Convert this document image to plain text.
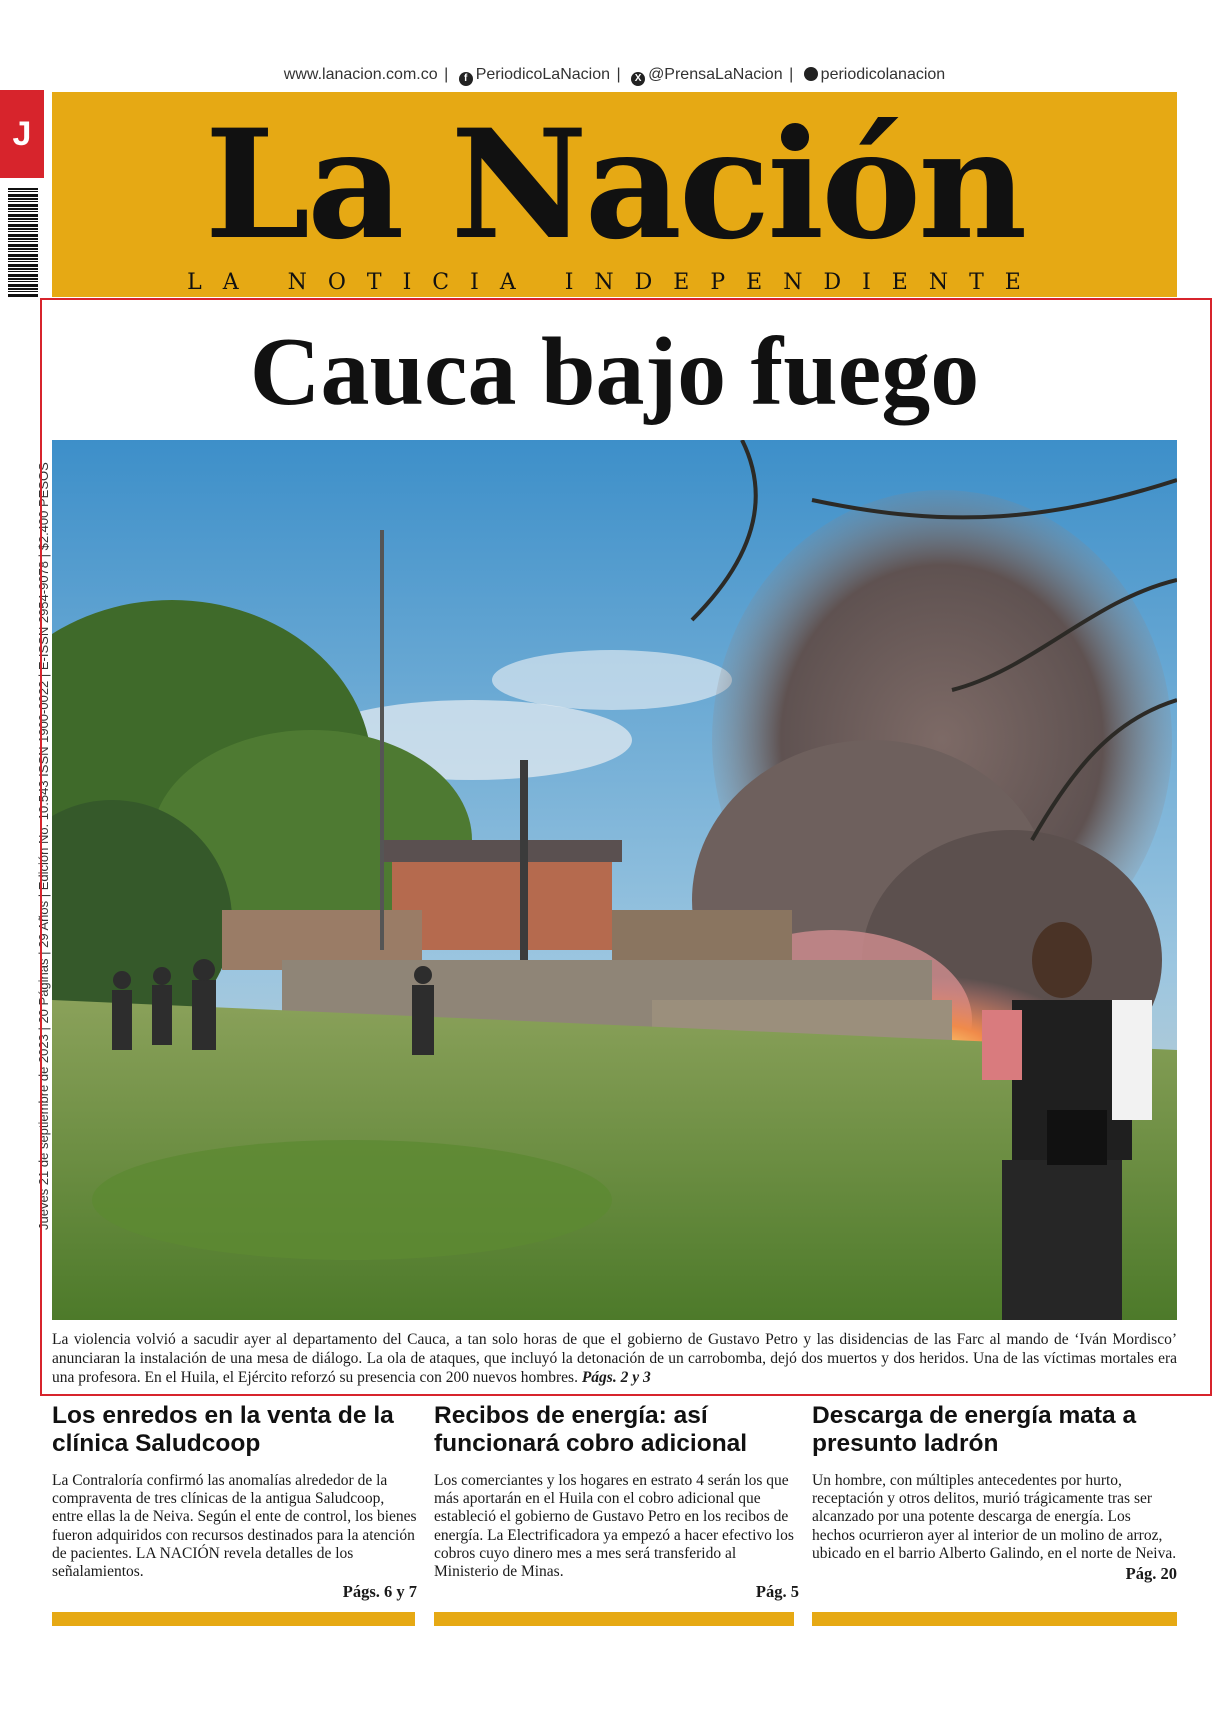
www.lanacion.com.co | f PeriodicoLaNacion | X @PrensaLaNacion | periodicolanacion
J
Jueves 21 de septiembre de 2023 | 20 Páginas | 29 Años | Edición No. 10.543 ISSN 1900-0022 | E-ISSN 2954-9078 | $2.400 PESOS
La Nación
LA NOTICIA INDEPENDIENTE
Cauca bajo fuego
La violencia volvió a sacudir ayer al departamento del Cauca, a tan solo horas de que el gobierno de Gustavo Petro y las disidencias de las Farc al mando de ‘Iván Mordisco’ anunciaran la instalación de una mesa de diálogo. La ola de ataques, que incluyó la detonación de un carrobomba, dejó dos muertos y dos heridos. Una de las víctimas mortales era una profesora. En el Huila, el Ejército reforzó su presencia con 200 nuevos hombres. Págs. 2 y 3
Los enredos en la venta de la clínica Saludcoop

La Contraloría confirmó las anomalías alrededor de la compraventa de tres clínicas de la antigua Saludcoop, entre ellas la de Neiva. Según el ente de control, los bienes fueron adquiridos con recursos destinados para la atención de pacientes. LA NACIÓN revela detalles de los señalamientos.

Págs. 6 y 7
Recibos de energía: así funcionará cobro adicional

Los comerciantes y los hogares en estrato 4 serán los que más aportarán en el Huila con el cobro adicional que estableció el gobierno de Gustavo Petro en los recibos de energía. La Electrificadora ya empezó a hacer efectivo los cobros cuyo dinero mes a mes será transferido al Ministerio de Minas.

Pág. 5
Descarga de energía mata a presunto ladrón

Un hombre, con múltiples antecedentes por hurto, receptación y otros delitos, murió trágicamente tras ser alcanzado por una potente descarga de energía. Los hechos ocurrieron ayer al interior de un molino de arroz, ubicado en el barrio Alberto Galindo, en el norte de Neiva.

Pág. 20
